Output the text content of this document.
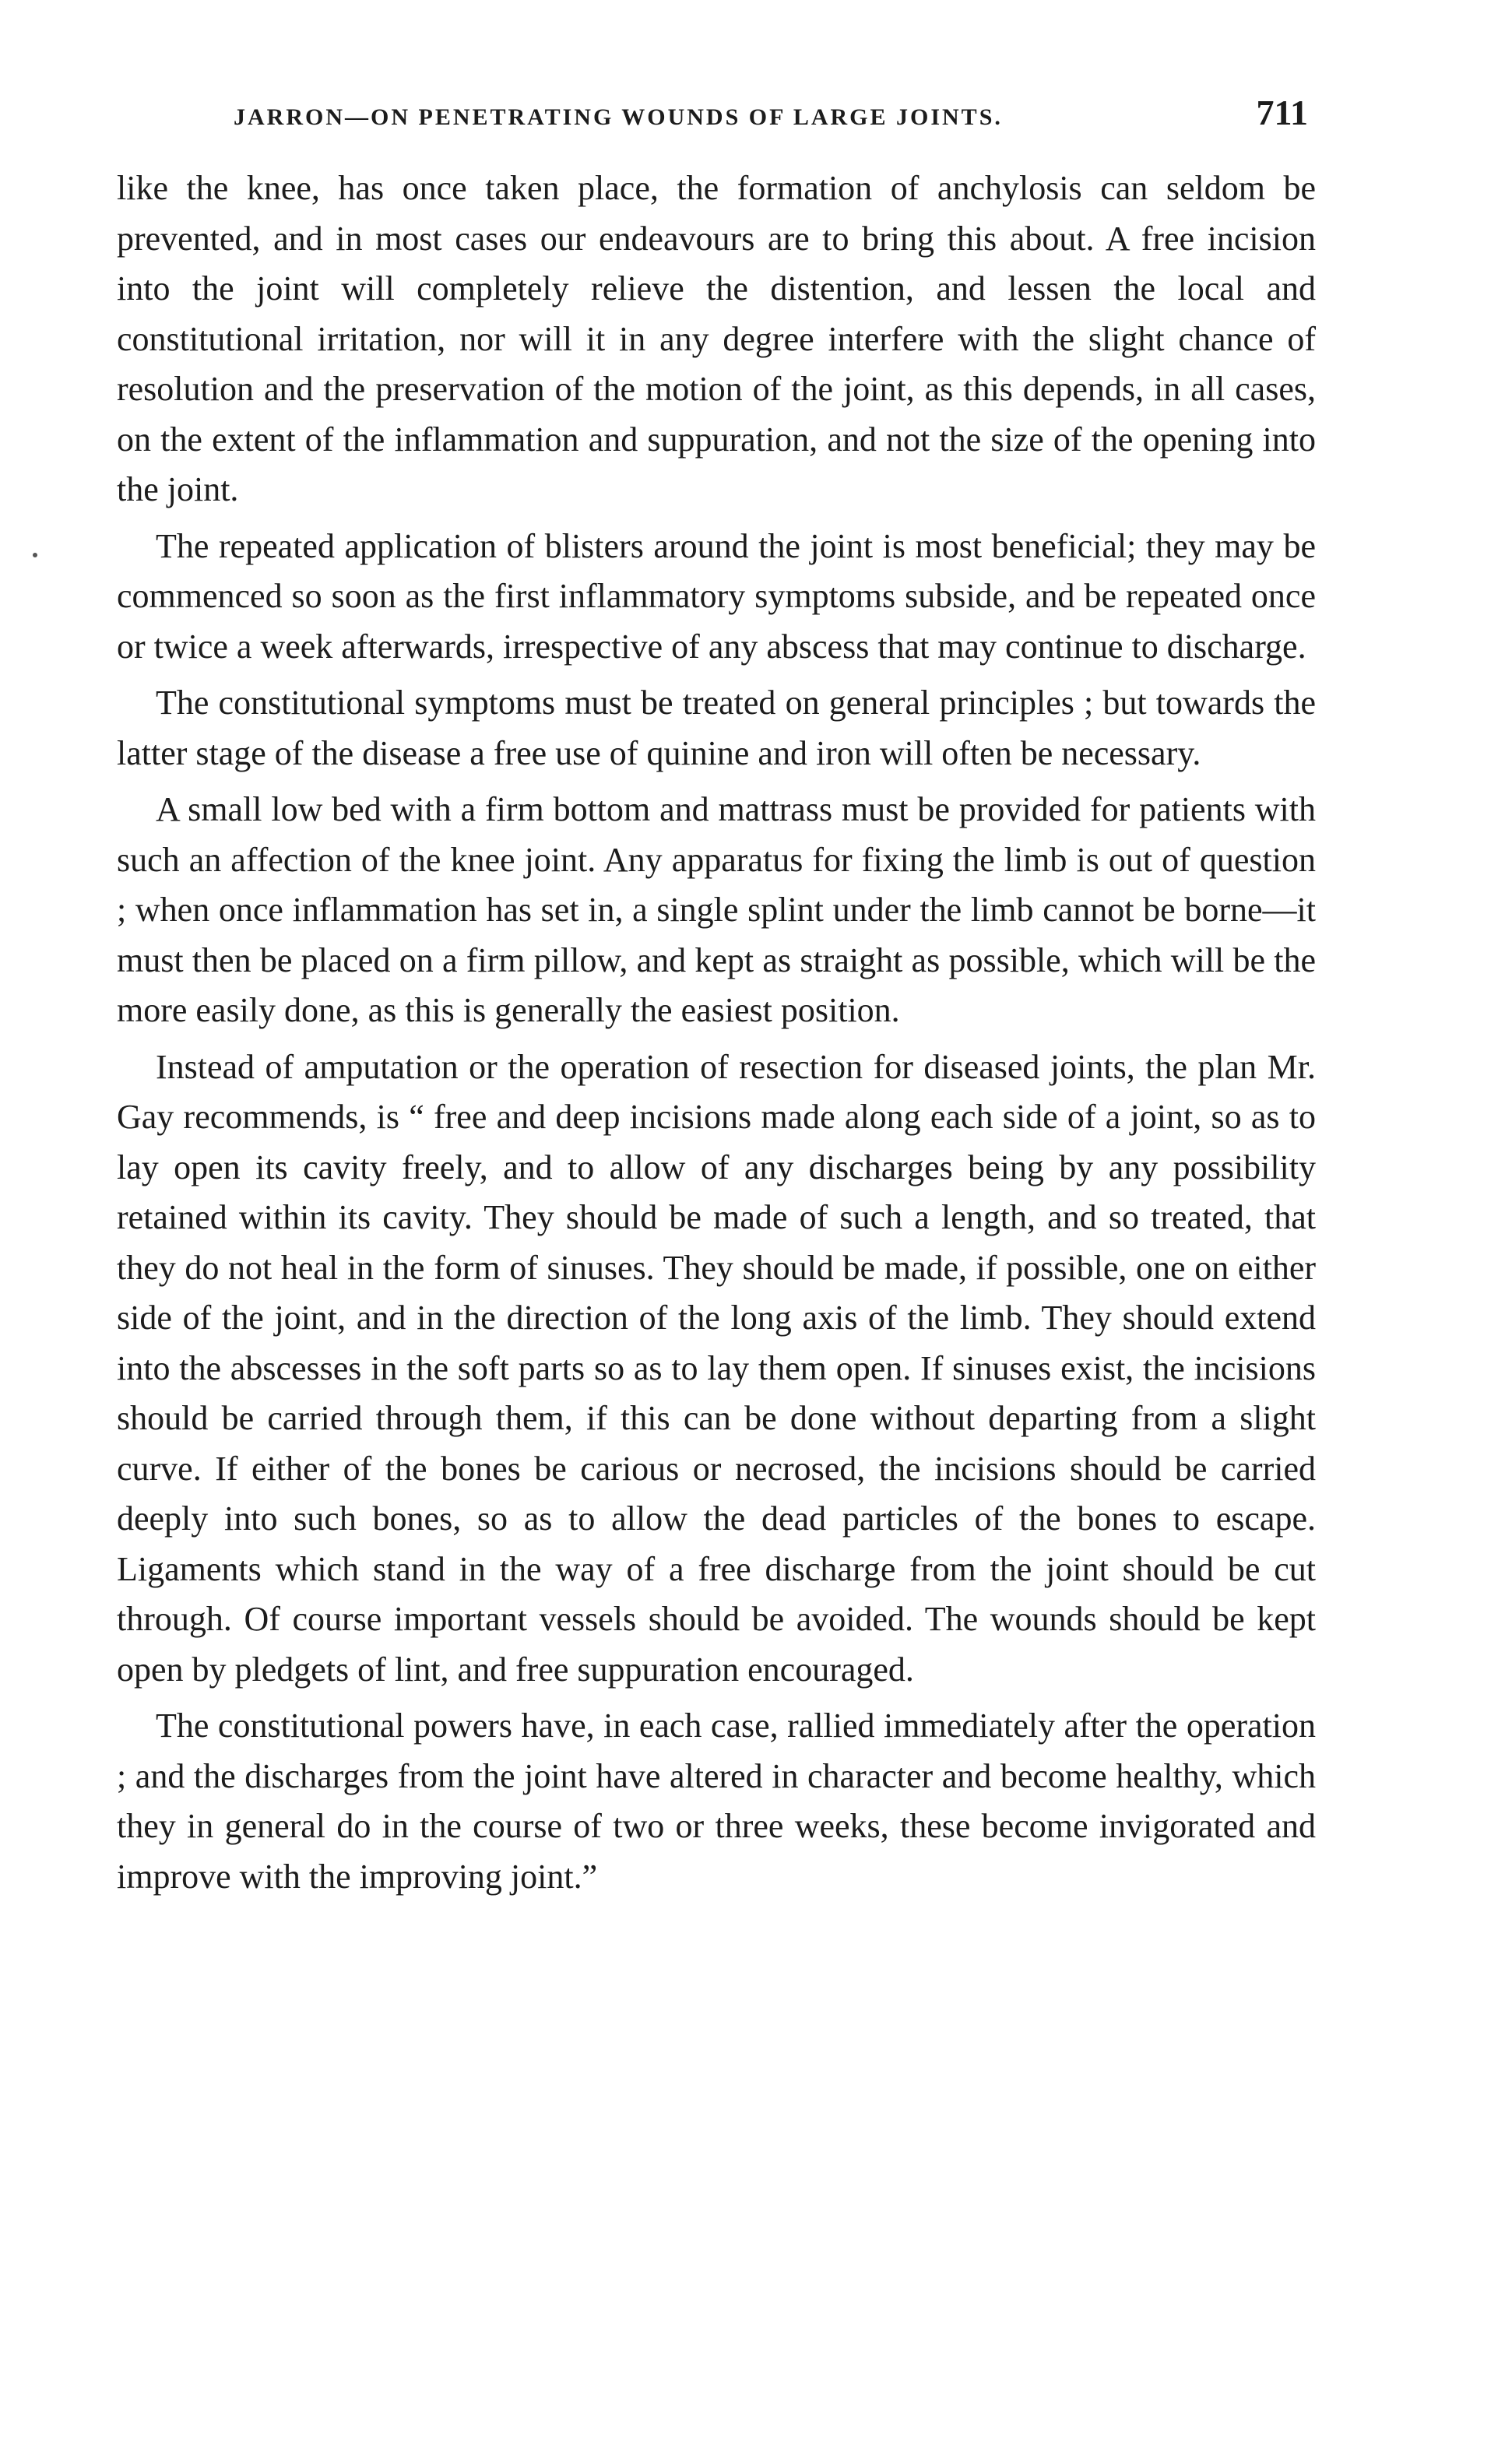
JARRON—ON PENETRATING WOUNDS OF LARGE JOINTS.	711

like the knee, has once taken place, the formation of anchylosis can seldom be prevented, and in most cases our endeavours are to bring this about. A free incision into the joint will completely relieve the distention, and lessen the local and constitutional irritation, nor will it in any degree interfere with the slight chance of resolution and the preservation of the motion of the joint, as this depends, in all cases, on the extent of the inflammation and suppuration, and not the size of the opening into the joint.

The repeated application of blisters around the joint is most beneficial; they may be commenced so soon as the first inflammatory symptoms subside, and be repeated once or twice a week afterwards, irrespective of any abscess that may continue to discharge.

The constitutional symptoms must be treated on general principles ; but towards the latter stage of the disease a free use of quinine and iron will often be necessary.

A small low bed with a firm bottom and mattrass must be provided for patients with such an affection of the knee joint. Any apparatus for fixing the limb is out of question ; when once inflammation has set in, a single splint under the limb cannot be borne—it must then be placed on a firm pillow, and kept as straight as possible, which will be the more easily done, as this is generally the easiest position.

Instead of amputation or the operation of resection for diseased joints, the plan Mr. Gay recommends, is “ free and deep incisions made along each side of a joint, so as to lay open its cavity freely, and to allow of any discharges being by any possibility retained within its cavity. They should be made of such a length, and so treated, that they do not heal in the form of sinuses. They should be made, if possible, one on either side of the joint, and in the direction of the long axis of the limb. They should extend into the abscesses in the soft parts so as to lay them open. If sinuses exist, the incisions should be carried through them, if this can be done without departing from a slight curve. If either of the bones be carious or necrosed, the incisions should be carried deeply into such bones, so as to allow the dead particles of the bones to escape. Ligaments which stand in the way of a free discharge from the joint should be cut through. Of course important vessels should be avoided. The wounds should be kept open by pledgets of lint, and free suppuration encouraged.

The constitutional powers have, in each case, rallied immediately after the operation ; and the discharges from the joint have altered in character and become healthy, which they in general do in the course of two or three weeks, these become invigorated and improve with the improving joint.”
